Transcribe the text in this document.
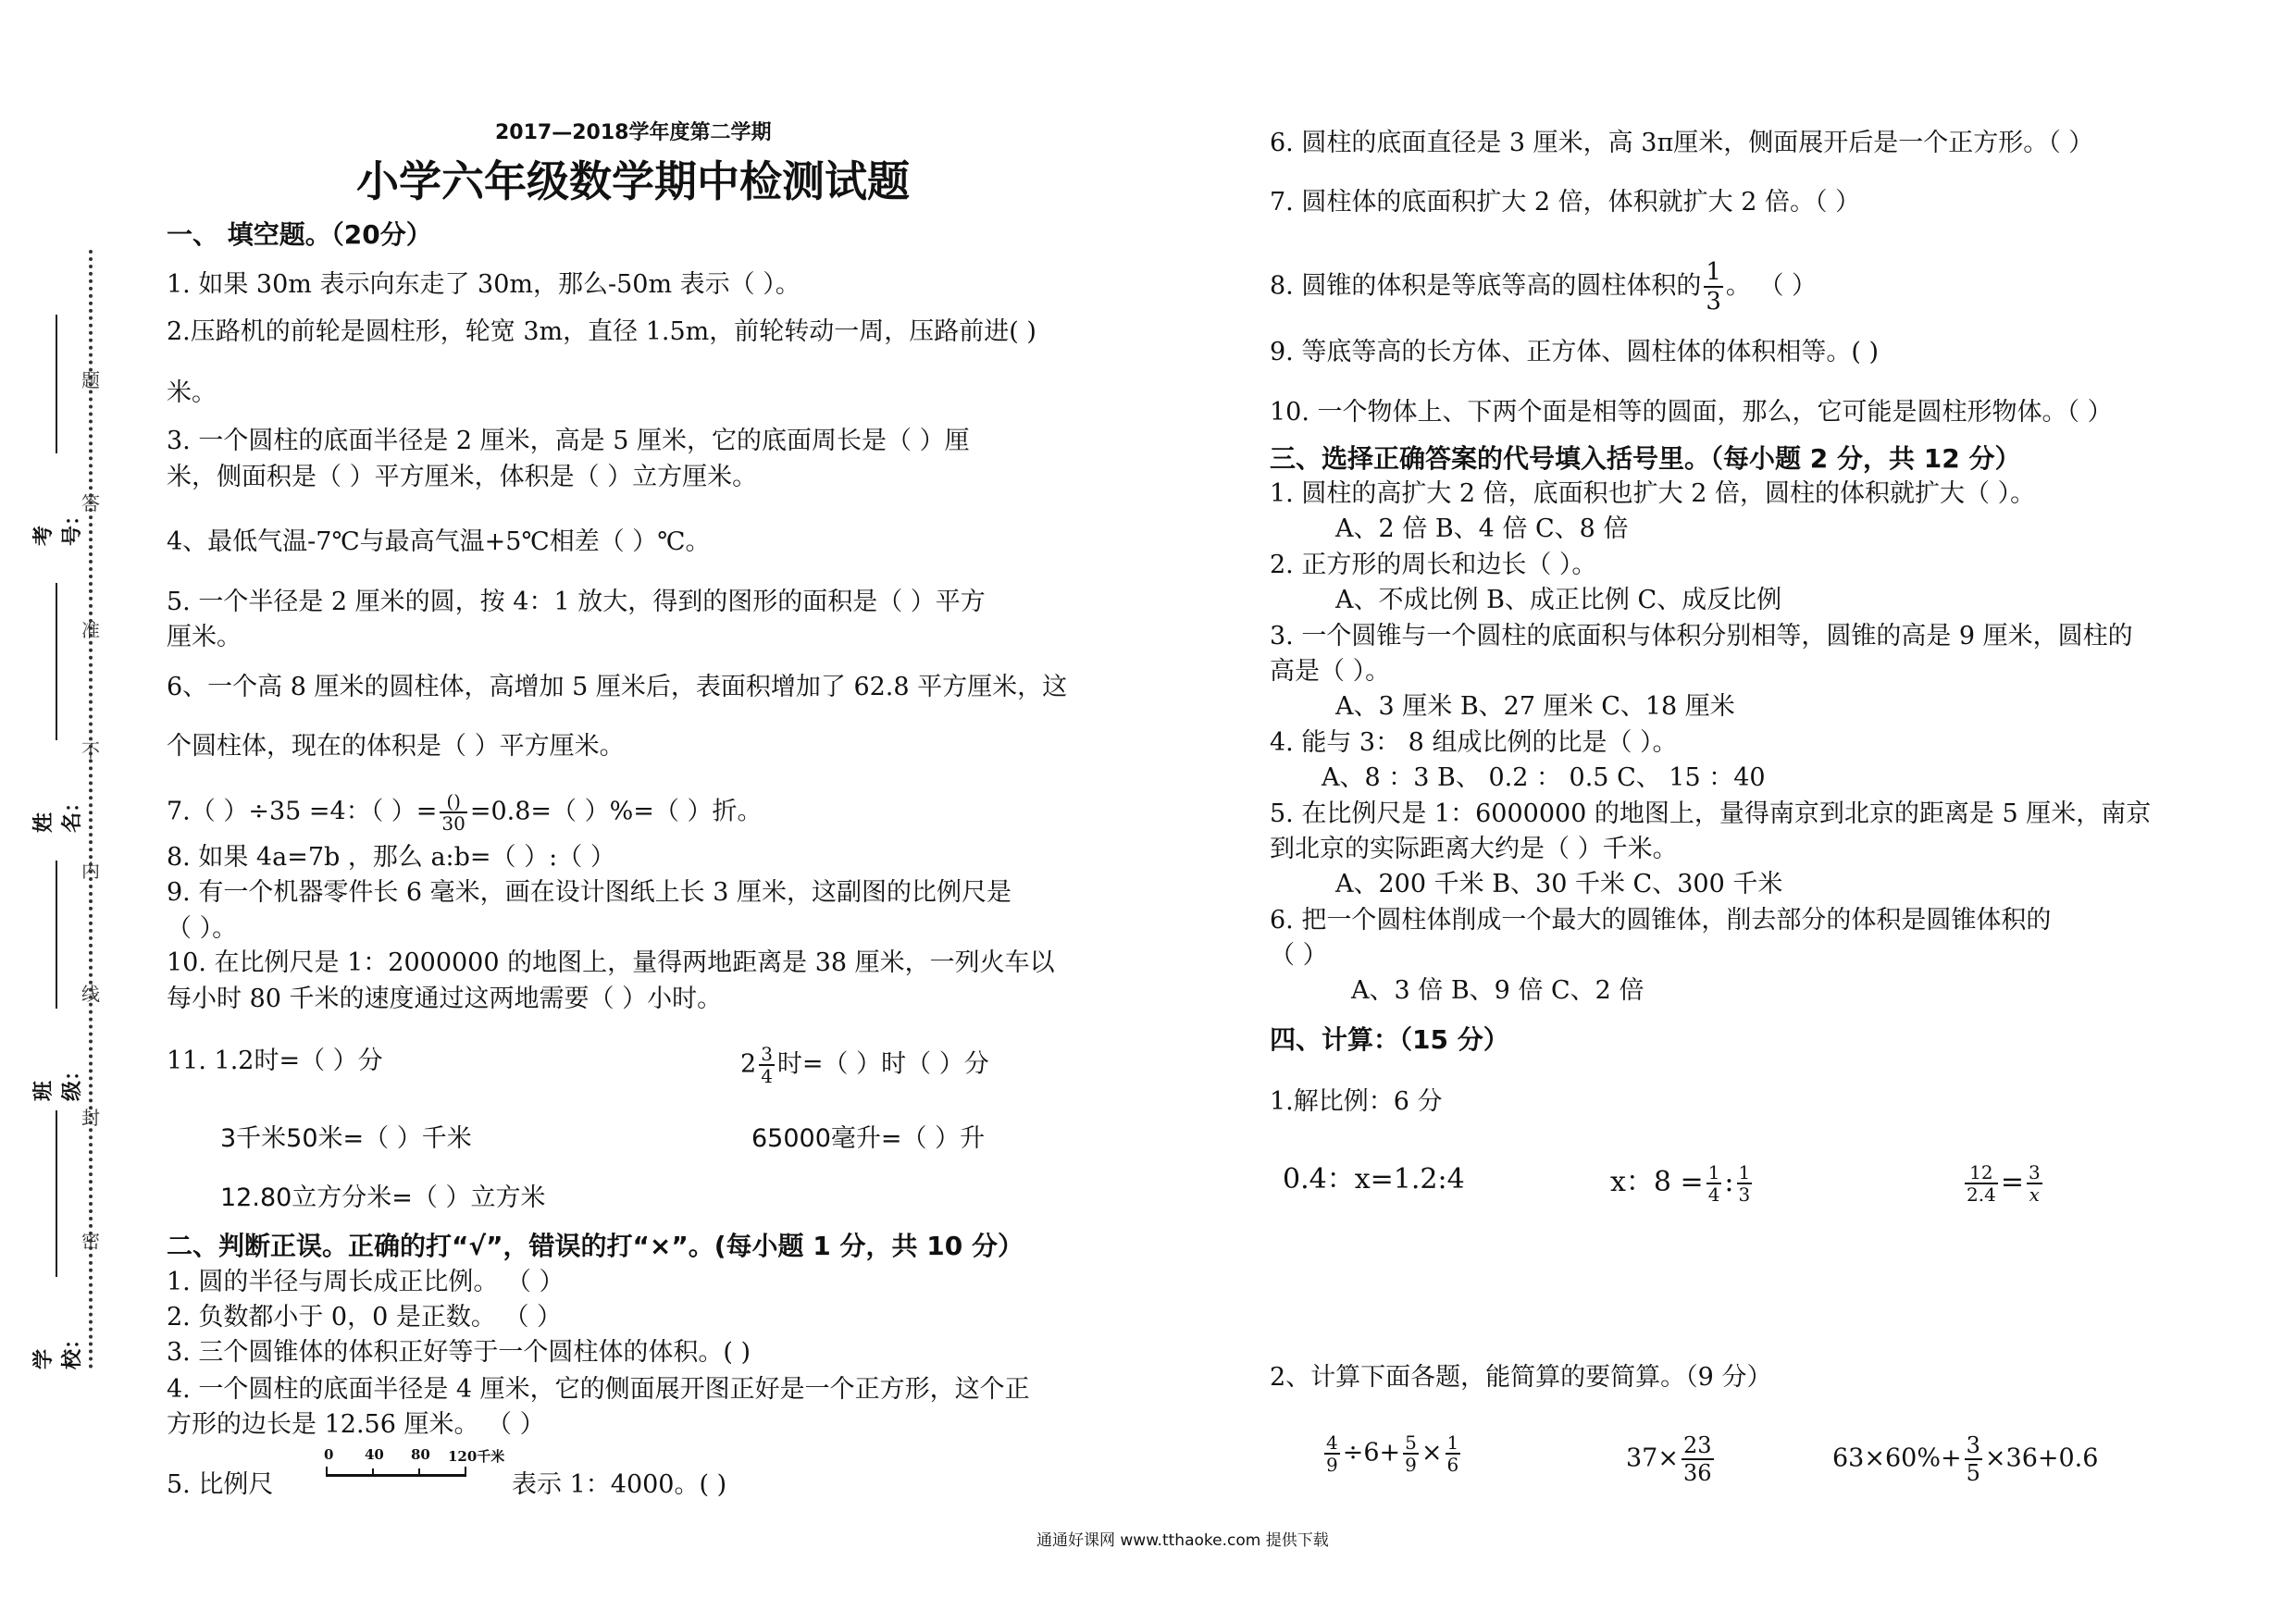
2017—2018学年度第二学期
小学六年级数学期中检测试题
考号：
姓名：
班级：
学校：
题
答
准
不
内
线
封
密
一、 填空题。（20分）
1. 如果 30m 表示向东走了 30m，那么-50m 表示（ ）。
2.压路机的前轮是圆柱形，轮宽 3m，直径 1.5m，前轮转动一周，压路前进( )
米。
3. 一个圆柱的底面半径是 2 厘米，高是 5 厘米，它的底面周长是（ ）厘
米，侧面积是（ ）平方厘米，体积是（ ）立方厘米。
4、最低气温-7℃与最高气温+5℃相差（ ）℃。
5. 一个半径是 2 厘米的圆，按 4：1 放大，得到的图形的面积是（ ）平方
厘米。
6、一个高 8 厘米的圆柱体，高增加 5 厘米后，表面积增加了 62.8 平方厘米，这
个圆柱体，现在的体积是（ ）平方厘米。
7.（ ）÷35 =4：（ ）= $\frac{()}{30} =0.8=$（ ）%=（ ）折。
8. 如果 4a=7b ，那么 a:b=（ ）:（ ）
9. 有一个机器零件长 6 毫米，画在设计图纸上长 3 厘米，这副图的比例尺是
（ ）。
10. 在比例尺是 1：2000000 的地图上，量得两地距离是 38 厘米，一列火车以
每小时 80 千米的速度通过这两地需要（ ）小时。
11. 1.2时=（ ）分	$2 \frac{3}{4}$ 时=（ ）时（ ）分
3千米50米=（ ）千米	65000毫升=（ ）升
12.80立方分米=（ ）立方米
二、判断正误。正确的打“√”，错误的打“×”。(每小题 1 分，共 10 分）
1. 圆的半径与周长成正比例。 （ ）
2. 负数都小于 0，0 是正数。 （ ）
3. 三个圆锥体的体积正好等于一个圆柱体的体积。( )
4. 一个圆柱的底面半径是 4 厘米，它的侧面展开图正好是一个正方形，这个正
方形的边长是 12.56 厘米。 （ ）
5. 比例尺
0 40 80 120千米
表示 1：4000。( )
6. 圆柱的底面直径是 3 厘米，高 3π厘米，侧面展开后是一个正方形。（ ）
7. 圆柱体的底面积扩大 2 倍，体积就扩大 2 倍。（ ）
8. 圆锥的体积是等底等高的圆柱体积的 $\frac{1}{3}$ 。 （ ）
9. 等底等高的长方体、正方体、圆柱体的体积相等。( )
10. 一个物体上、下两个面是相等的圆面，那么，它可能是圆柱形物体。（ ）
三、选择正确答案的代号填入括号里。（每小题 2 分，共 12 分）
1. 圆柱的高扩大 2 倍，底面积也扩大 2 倍，圆柱的体积就扩大（ ）。
A、2 倍 B、4 倍 C、8 倍
2. 正方形的周长和边长（ ）。
A、不成比例 B、成正比例 C、成反比例
3. 一个圆锥与一个圆柱的底面积与体积分别相等，圆锥的高是 9 厘米，圆柱的
高是（ ）。
A、3 厘米 B、27 厘米 C、18 厘米
4. 能与 3： 8 组成比例的比是（ ）。
A、8 ：3 B、 0.2 ： 0.5 C、 15 ：40
5. 在比例尺是 1：6000000 的地图上，量得南京到北京的距离是 5 厘米，南京
到北京的实际距离大约是（ ）千米。
A、200 千米 B、30 千米 C、300 千米
6. 把一个圆柱体削成一个最大的圆锥体，削去部分的体积是圆锥体积的
（ ）
A、3 倍 B、9 倍 C、2 倍
四、计算：（15 分）
1.解比例：6 分
0.4：x=1.2:4	x：$8 = \frac{1}{4}$ : $\frac{1}{3}$	$\frac{12}{2.4} = \frac{3}{x}$
2、计算下面各题，能简算的要简算。（9 分）
$\frac{4}{9} \div 6+ \frac{5}{9} \times \frac{1}{6}$	$37\times \frac{23}{36}$	$63\times 60\%+ \frac{3}{5} \times 36+0.6$
通通好课网 www.tthaoke.com 提供下载
